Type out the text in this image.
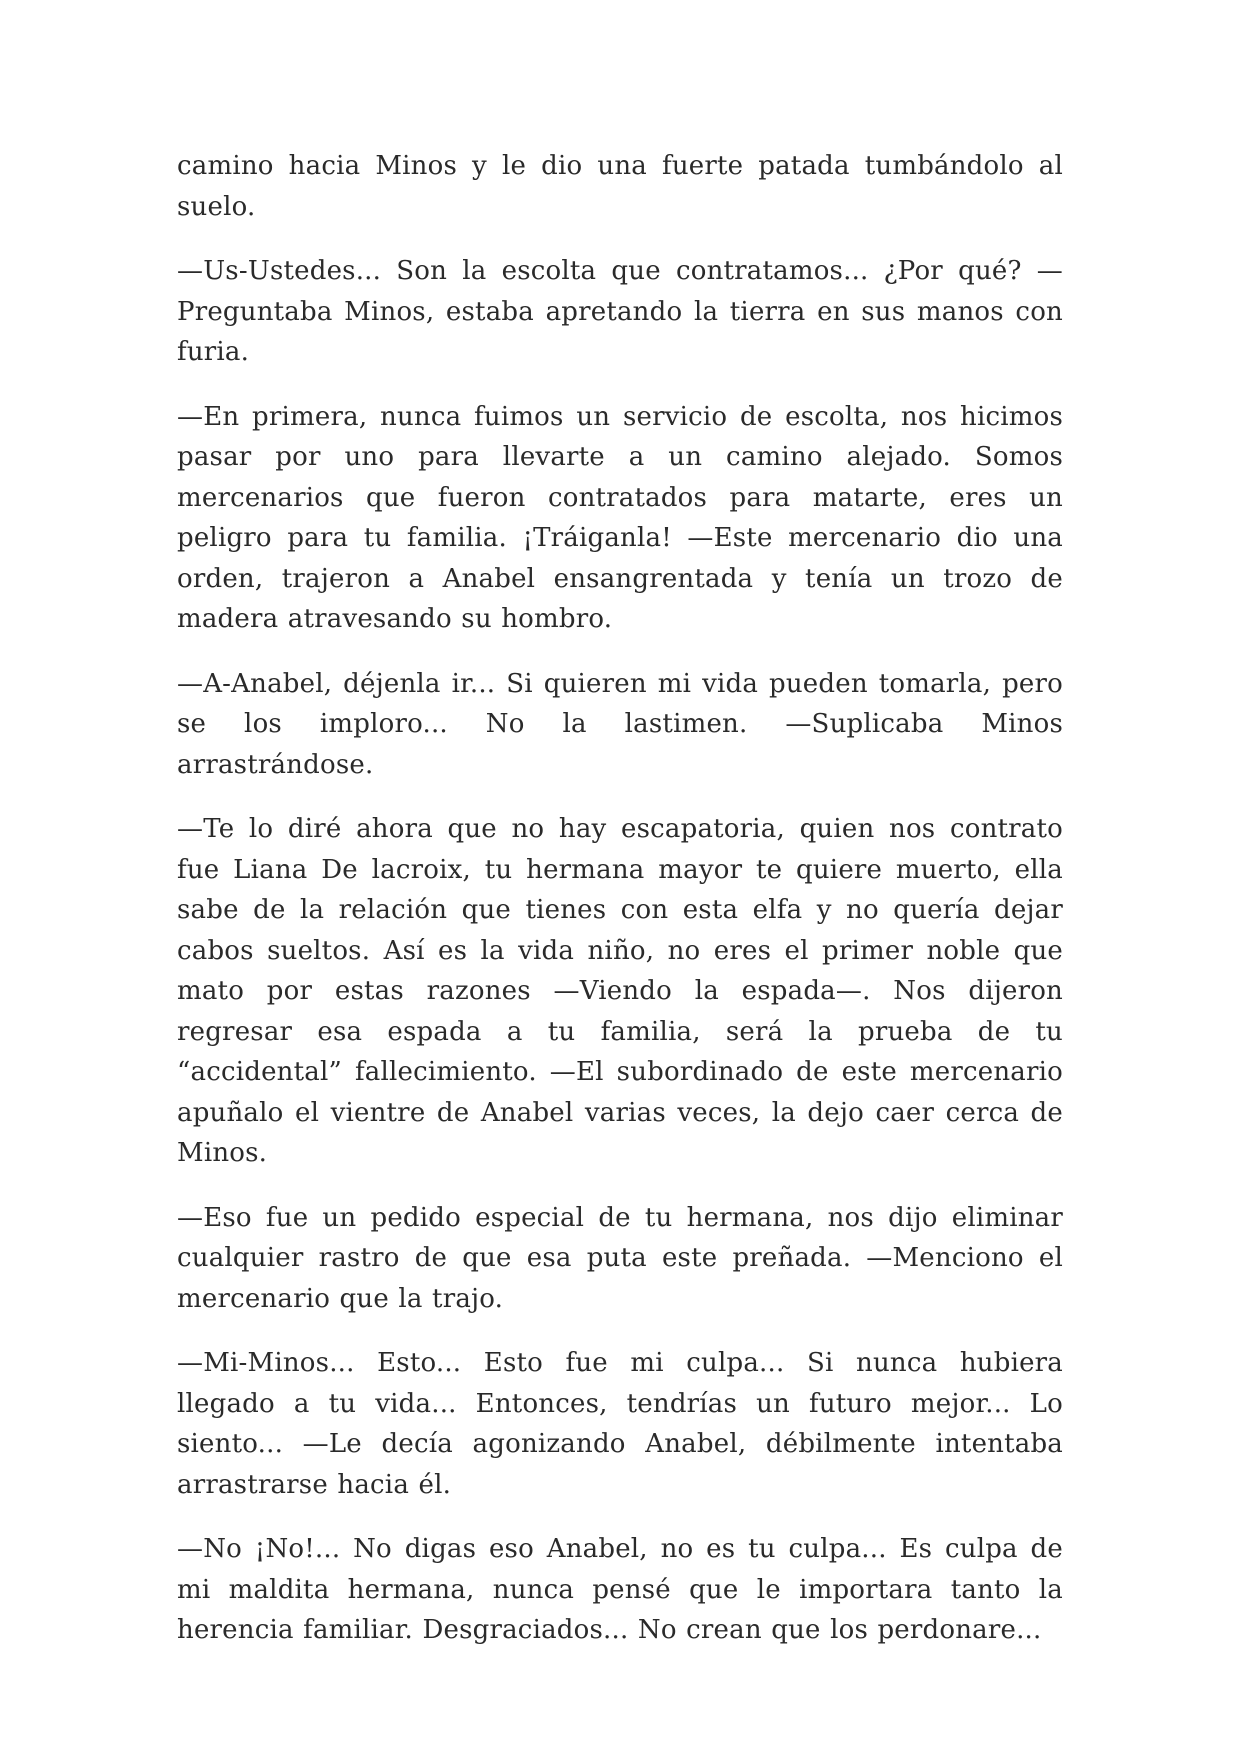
camino hacia Minos y le dio una fuerte patada tumbándolo al suelo.

—Us-Ustedes... Son la escolta que contratamos... ¿Por qué? —Preguntaba Minos, estaba apretando la tierra en sus manos con furia.

—En primera, nunca fuimos un servicio de escolta, nos hicimos pasar por uno para llevarte a un camino alejado. Somos mercenarios que fueron contratados para matarte, eres un peligro para tu familia. ¡Tráiganla! —Este mercenario dio una orden, trajeron a Anabel ensangrentada y tenía un trozo de madera atravesando su hombro.

—A-Anabel, déjenla ir... Si quieren mi vida pueden tomarla, pero se los imploro... No la lastimen. —Suplicaba Minos arrastrándose.

—Te lo diré ahora que no hay escapatoria, quien nos contrato fue Liana De lacroix, tu hermana mayor te quiere muerto, ella sabe de la relación que tienes con esta elfa y no quería dejar cabos sueltos. Así es la vida niño, no eres el primer noble que mato por estas razones —Viendo la espada—. Nos dijeron regresar esa espada a tu familia, será la prueba de tu “accidental” fallecimiento. —El subordinado de este mercenario apuñalo el vientre de Anabel varias veces, la dejo caer cerca de Minos.

—Eso fue un pedido especial de tu hermana, nos dijo eliminar cualquier rastro de que esa puta este preñada. —Menciono el mercenario que la trajo.

—Mi-Minos... Esto... Esto fue mi culpa... Si nunca hubiera llegado a tu vida... Entonces, tendrías un futuro mejor... Lo siento... —Le decía agonizando Anabel, débilmente intentaba arrastrarse hacia él.

—No ¡No!... No digas eso Anabel, no es tu culpa... Es culpa de mi maldita hermana, nunca pensé que le importara tanto la herencia familiar. Desgraciados... No crean que los perdonare...
